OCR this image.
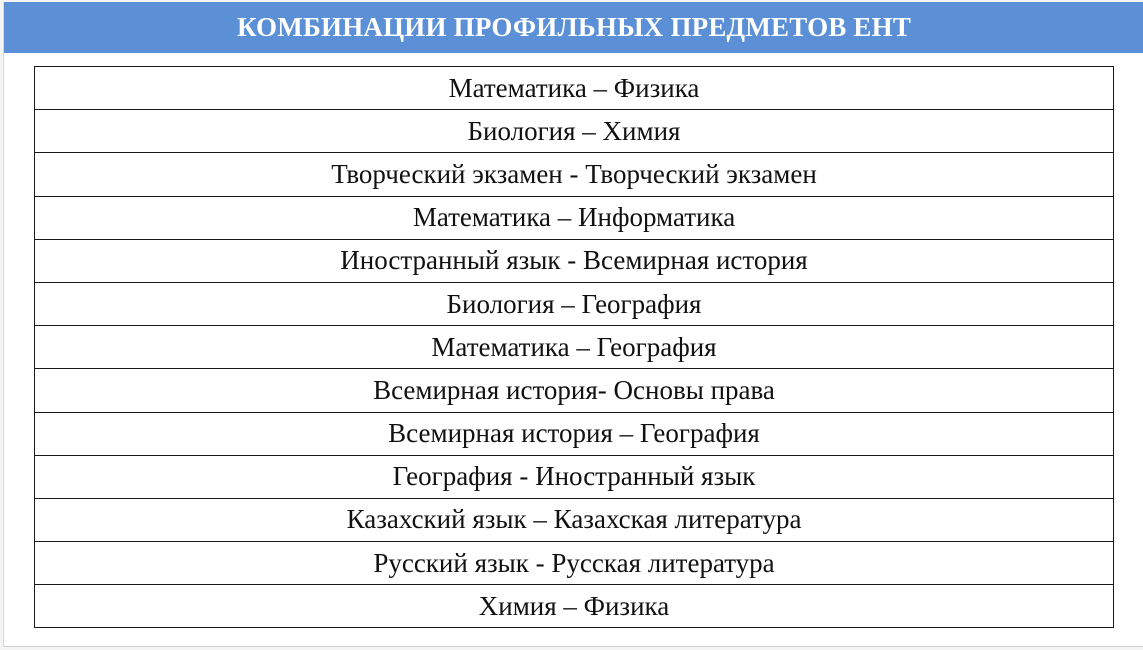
КОМБИНАЦИИ ПРОФИЛЬНЫХ ПРЕДМЕТОВ ЕНТ
Математика – Физика
Биология – Химия
Творческий экзамен - Творческий экзамен
Математика – Информатика
Иностранный язык - Всемирная история
Биология – География
Математика – География
Всемирная история- Основы права
Всемирная история – География
География - Иностранный язык
Казахский язык – Казахская литература
Русский язык - Русская литература
Химия – Физика
